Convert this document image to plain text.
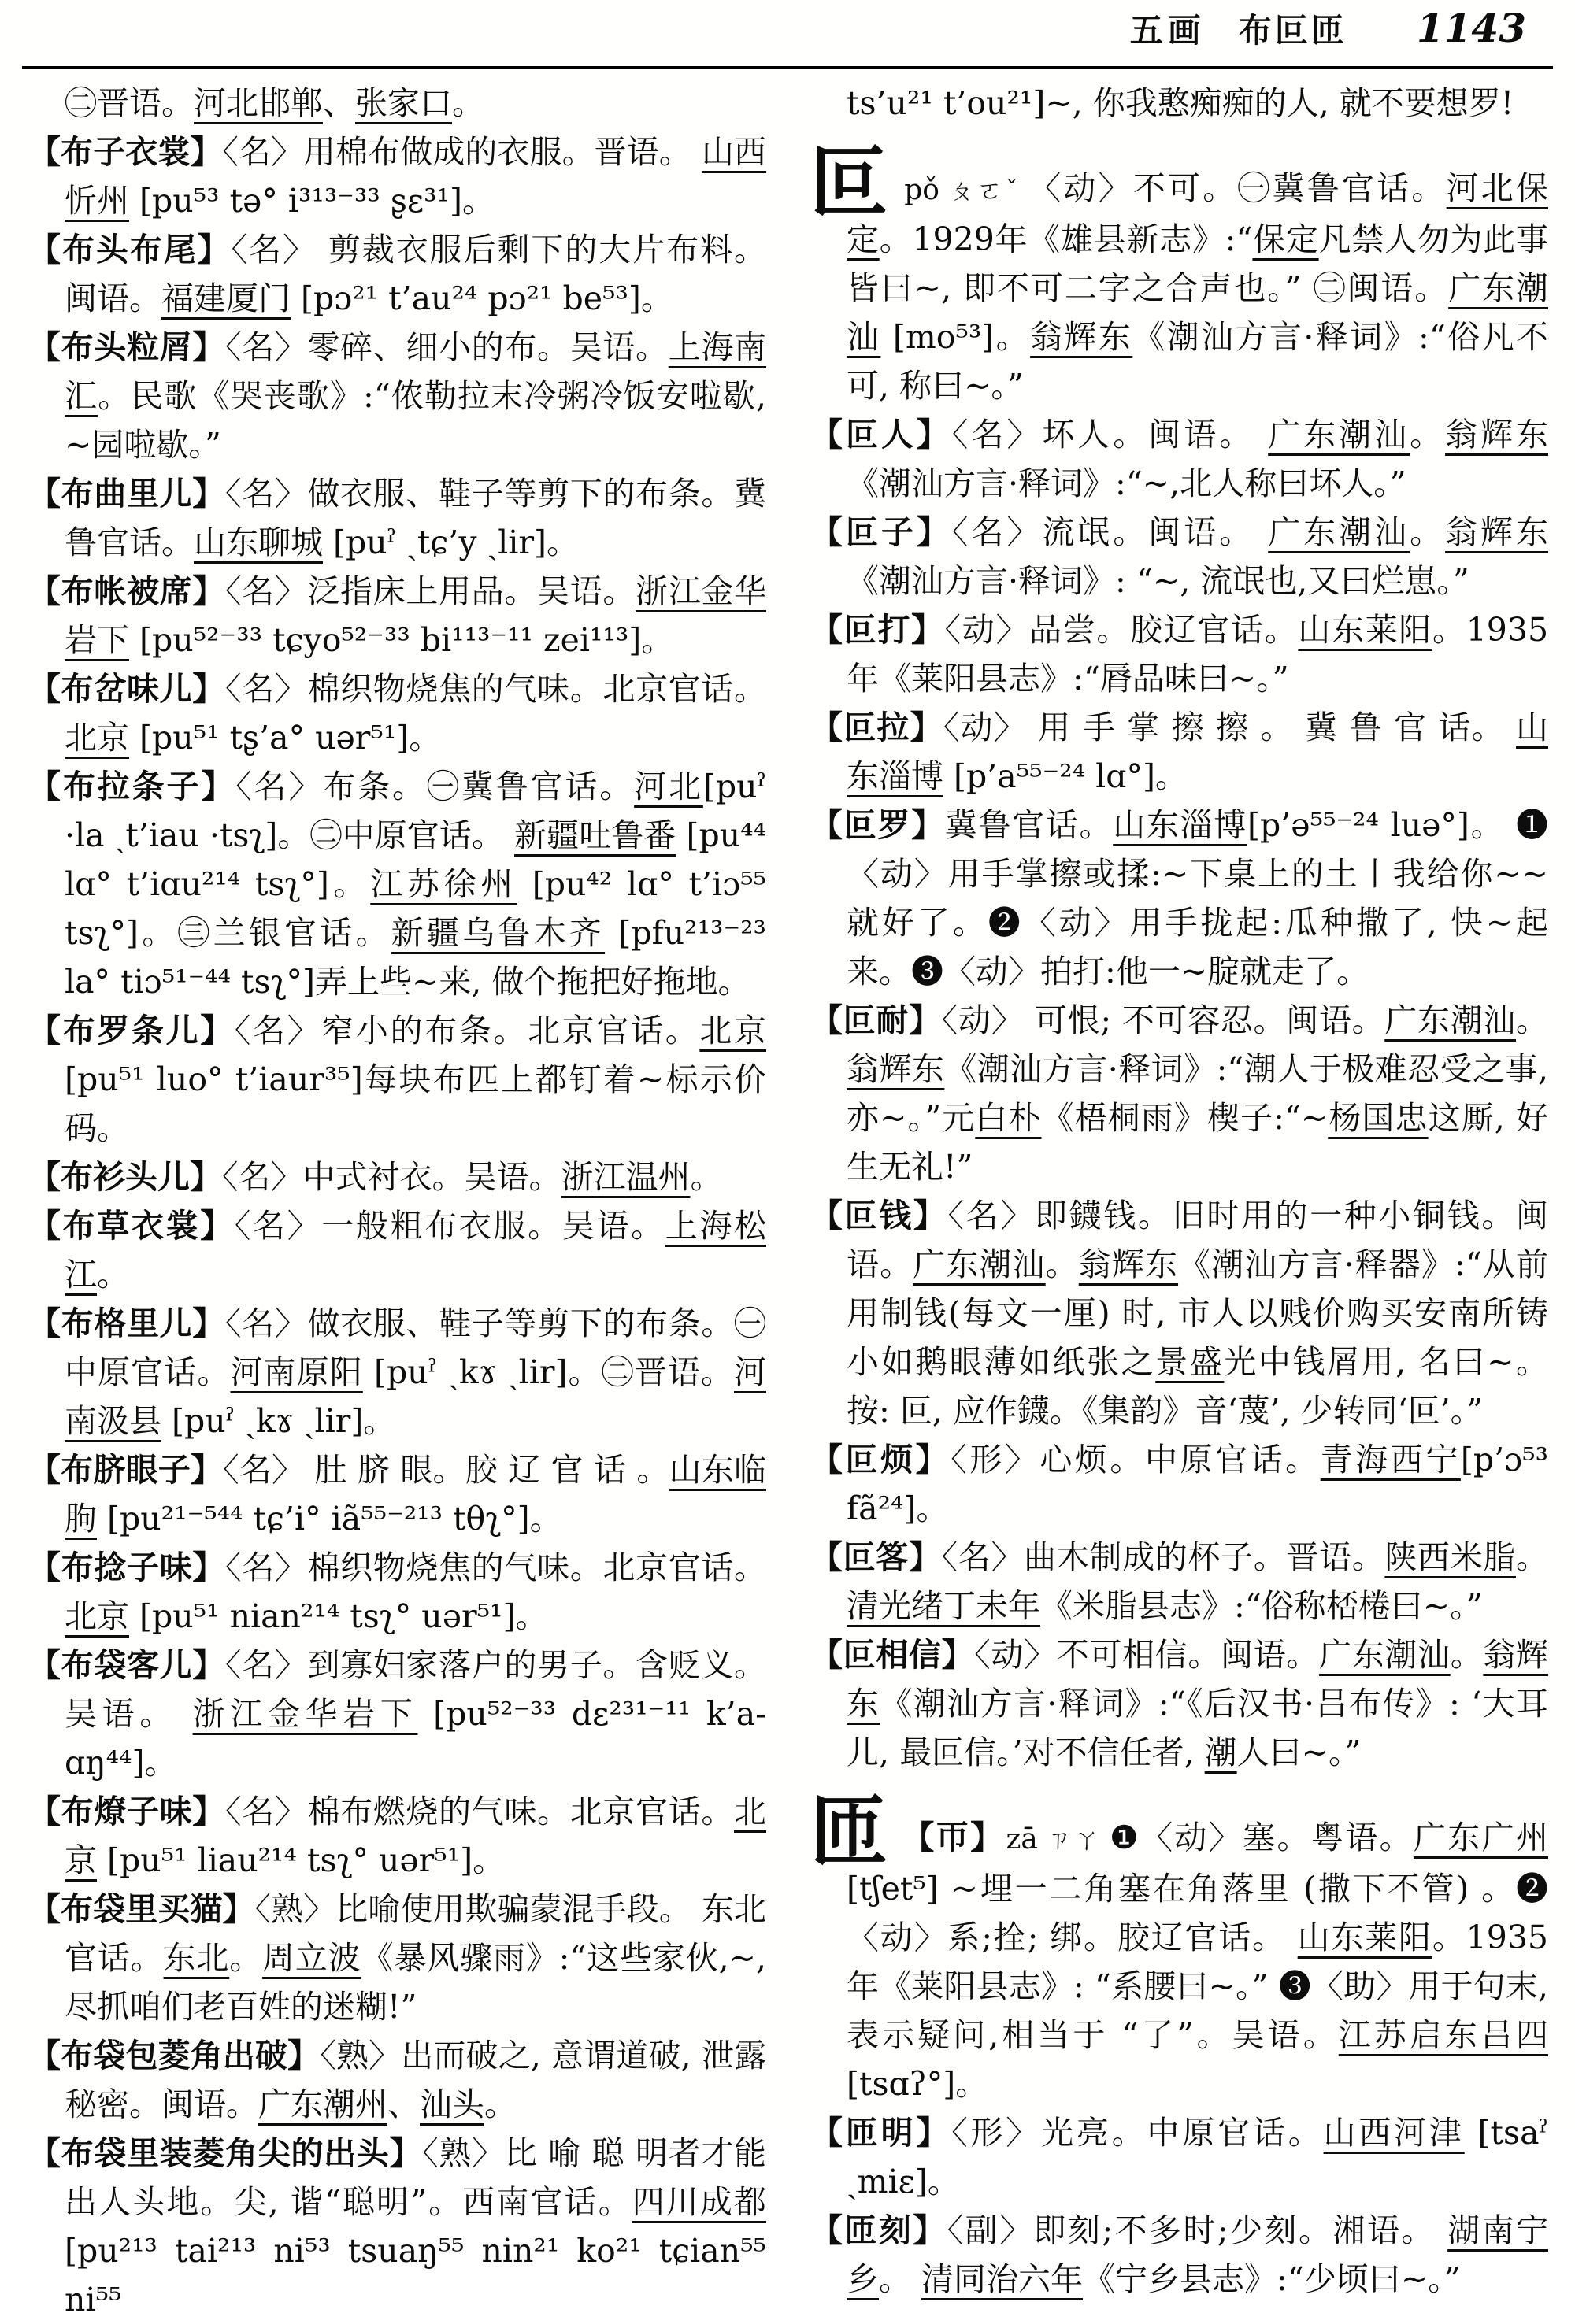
五画 布叵匝 1143

㊁晋语。河北邯郸、张家口。

【布子衣裳】〈名〉用棉布做成的衣服。晋语。 山西忻州 [pu⁵³ tə° i³¹³⁻³³ ʂɛ³¹]。

【布头布尾】〈名〉 剪裁衣服后剩下的大片布料。 闽语。福建厦门 [pɔ²¹ t’au²⁴ pɔ²¹ be⁵³]。

【布头粒屑】〈名〉零碎、细小的布。吴语。上海南汇。民歌《哭丧歌》:“侬勒拉末冷粥冷饭安啦歇, ~园啦歇。”

【布曲里儿】〈名〉做衣服、鞋子等剪下的布条。冀鲁官话。山东聊城 [puˀ ˏtɕ’y ˏlir]。

【布帐被席】〈名〉泛指床上用品。吴语。浙江金华岩下 [pu⁵²⁻³³ tɕyo⁵²⁻³³ bi¹¹³⁻¹¹ zei¹¹³]。

【布岔味儿】〈名〉棉织物烧焦的气味。北京官话。北京 [pu⁵¹ tʂ’a° uər⁵¹]。

【布拉条子】〈名〉布条。㊀冀鲁官话。河北[puˀ ·la ˏt’iau ·tsʅ]。㊁中原官话。 新疆吐鲁番 [pu⁴⁴ lɑ° t’iɑu²¹⁴ tsʅ°]。江苏徐州 [pu⁴² lɑ° t’iɔ⁵⁵ tsʅ°]。㊂兰银官话。新疆乌鲁木齐 [pfu²¹³⁻²³ la° tiɔ⁵¹⁻⁴⁴ tsʅ°]弄上些~来, 做个拖把好拖地。

【布罗条儿】〈名〉窄小的布条。北京官话。北京[pu⁵¹ luo° t’iaur³⁵]每块布匹上都钉着~标示价码。

【布衫头儿】〈名〉中式衬衣。吴语。浙江温州。

【布草衣裳】〈名〉一般粗布衣服。吴语。上海松江。

【布格里儿】〈名〉做衣服、鞋子等剪下的布条。㊀中原官话。河南原阳 [puˀ ˏkɤ ˏlir]。㊁晋语。河南汲县 [puˀ ˏkɤ ˏlir]。

【布脐眼子】〈名〉 肚 脐 眼。胶 辽 官 话 。山东临朐 [pu²¹⁻⁵⁴⁴ tɕ’i° iã⁵⁵⁻²¹³ tθʅ°]。

【布捻子味】〈名〉棉织物烧焦的气味。北京官话。 北京 [pu⁵¹ nian²¹⁴ tsʅ° uər⁵¹]。

【布袋客儿】〈名〉到寡妇家落户的男子。含贬义。吴语。 浙江金华岩下 [pu⁵²⁻³³ dɛ²³¹⁻¹¹ k’a-ɑŋ⁴⁴]。

【布燎子味】〈名〉棉布燃烧的气味。北京官话。北京 [pu⁵¹ liau²¹⁴ tsʅ° uər⁵¹]。

【布袋里买猫】〈熟〉比喻使用欺骗蒙混手段。 东北官话。东北。周立波《暴风骤雨》:“这些家伙,~,尽抓咱们老百姓的迷糊!”

【布袋包菱角出破】〈熟〉出而破之, 意谓道破, 泄露秘密。闽语。广东潮州、汕头。

【布袋里装菱角尖的出头】〈熟〉比 喻 聪 明者才能出人头地。尖, 谐“聪明”。西南官话。四川成都 [pu²¹³ tai²¹³ ni⁵³ tsuaŋ⁵⁵ nin²¹ ko²¹ tɕian⁵⁵ ni⁵⁵

ts’u²¹ t’ou²¹]~, 你我憨痴痴的人, 就不要想罗!

叵pǒ ㄆㄛˇ 〈动〉不可。㊀冀鲁官话。河北保定。1929年《雄县新志》:“保定凡禁人勿为此事皆曰~, 即不可二字之合声也。” ㊁闽语。广东潮汕 [mo⁵³]。翁辉东《潮汕方言·释词》:“俗凡不可, 称曰~。”

【叵人】〈名〉坏人。闽语。 广东潮汕。翁辉东 《潮汕方言·释词》:“~,北人称曰坏人。”

【叵子】〈名〉流氓。闽语。 广东潮汕。翁辉东 《潮汕方言·释词》: “~, 流氓也,又曰烂崽。”

【叵打】〈动〉品尝。胶辽官话。山东莱阳。1935年《莱阳县志》:“脣品味曰~。”

【叵拉】〈动〉 用 手 掌 擦 擦 。 冀 鲁 官 话。 山东淄博 [p’a⁵⁵⁻²⁴ lɑ°]。

【叵罗】冀鲁官话。山东淄博[p’ə⁵⁵⁻²⁴ luə°]。 ❶〈动〉用手掌擦或揉:~下桌上的土丨我给你~~就好了。❷〈动〉用手拢起:瓜种撒了, 快~起来。❸〈动〉拍打:他一~腚就走了。

【叵耐】〈动〉 可恨; 不可容忍。闽语。广东潮汕。翁辉东《潮汕方言·释词》:“潮人于极难忍受之事, 亦~。”元白朴《梧桐雨》楔子:“~杨国忠这厮, 好生无礼!”

【叵钱】〈名〉即鑖钱。旧时用的一种小铜钱。闽语。广东潮汕。翁辉东《潮汕方言·释器》:“从前用制钱(每文一厘) 时, 市人以贱价购买安南所铸小如鹅眼薄如纸张之景盛光中钱屑用, 名曰~。按: 叵, 应作鑖。《集韵》音‘蔑’, 少转同‘叵’。”

【叵烦】〈形〉心烦。中原官话。青海西宁[p’ɔ⁵³ fã²⁴]。

【叵笿】〈名〉曲木制成的杯子。晋语。陕西米脂。 清光绪丁未年《米脂县志》:“俗称桮棬曰~。”

【叵相信】〈动〉不可相信。闽语。广东潮汕。翁辉东《潮汕方言·释词》:“《后汉书·吕布传》: ‘大耳儿, 最叵信。’对不信任者, 潮人曰~。”

匝 【帀】zā ㄗㄚ ❶〈动〉塞。粤语。广东广州 [tʃet⁵] ~埋一二角塞在角落里 (撒下不管) 。❷〈动〉系;拴; 绑。胶辽官话。 山东莱阳。1935年《莱阳县志》: “系腰曰~。” ❸〈助〉用于句末,表示疑问,相当于 “了”。吴语。江苏启东吕四 [tsɑʔ°]。

【匝明】〈形〉光亮。中原官话。山西河津 [tsaˀ ˏmiɛ]。

【匝刻】〈副〉即刻;不多时;少刻。湘语。 湖南宁乡。 清同治六年《宁乡县志》:“少顷曰~。”
